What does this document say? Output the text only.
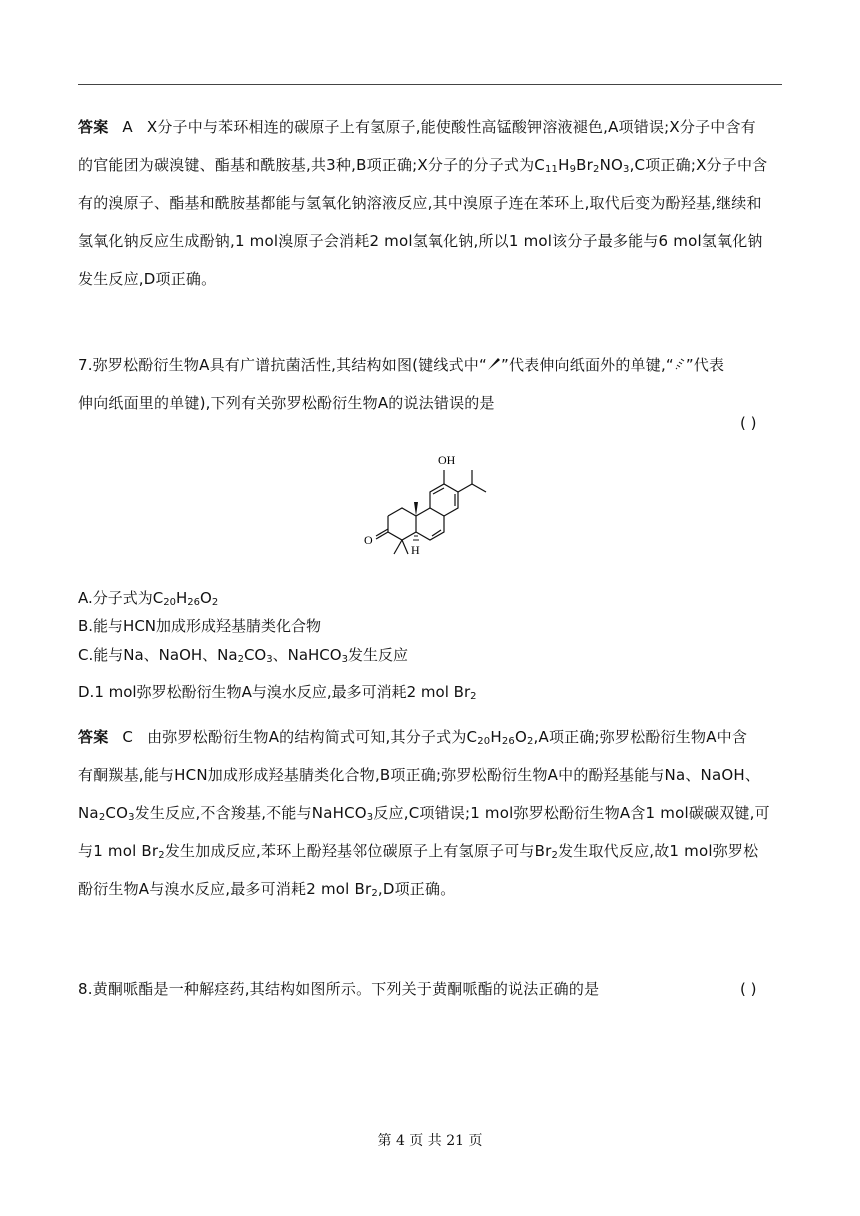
答案 A X分子中与苯环相连的碳原子上有氢原子,能使酸性高锰酸钾溶液褪色,A项错误;X分子中含有
的官能团为碳溴键、酯基和酰胺基,共3种,B项正确;X分子的分子式为$C_{11}H_9Br_2NO_3,C$项正确;X分子中含
有的溴原子、酯基和酰胺基都能与氢氧化钠溶液反应,其中溴原子连在苯环上,取代后变为酚羟基,继续和
氢氧化钠反应生成酚钠,1 mol溴原子会消耗2 mol氢氧化钠,所以1 mol该分子最多能与6 mol氢氧化钠
发生反应,D项正确。
7.弥罗松酚衍生物A具有广谱抗菌活性,其结构如图(键线式中“ ”代表伸向纸面外的单键,“ ”代表
伸向纸面里的单键),下列有关弥罗松酚衍生物A的说法错误的是
( )
OH
O
H
A.分子式为$C_{20}H_{26}O_2$
B.能与HCN加成形成羟基腈类化合物
C.能与Na、NaOH、$Na_2CO_3$、NaHCO$_3$发生反应
D.1 mol弥罗松酚衍生物A与溴水反应,最多可消耗2 mol $Br_2$
答案 C 由弥罗松酚衍生物A的结构简式可知,其分子式为$C_{20}H_{26}O_2,A$项正确;弥罗松酚衍生物A中含
有酮羰基,能与HCN加成形成羟基腈类化合物,B项正确;弥罗松酚衍生物A中的酚羟基能与Na、NaOH、
$Na_2CO_3$发生反应,不含羧基,不能与NaHCO$_3$反应,C项错误;1 mol弥罗松酚衍生物A含1 mol碳碳双键,可
与1 mol $Br_2$发生加成反应,苯环上酚羟基邻位碳原子上有氢原子可与$Br_2$发生取代反应,故1 mol弥罗松
酚衍生物A与溴水反应,最多可消耗2 mol $Br_2,D$项正确。
8.黄酮哌酯是一种解痉药,其结构如图所示。下列关于黄酮哌酯的说法正确的是	( )
第 4 页 共 21 页
